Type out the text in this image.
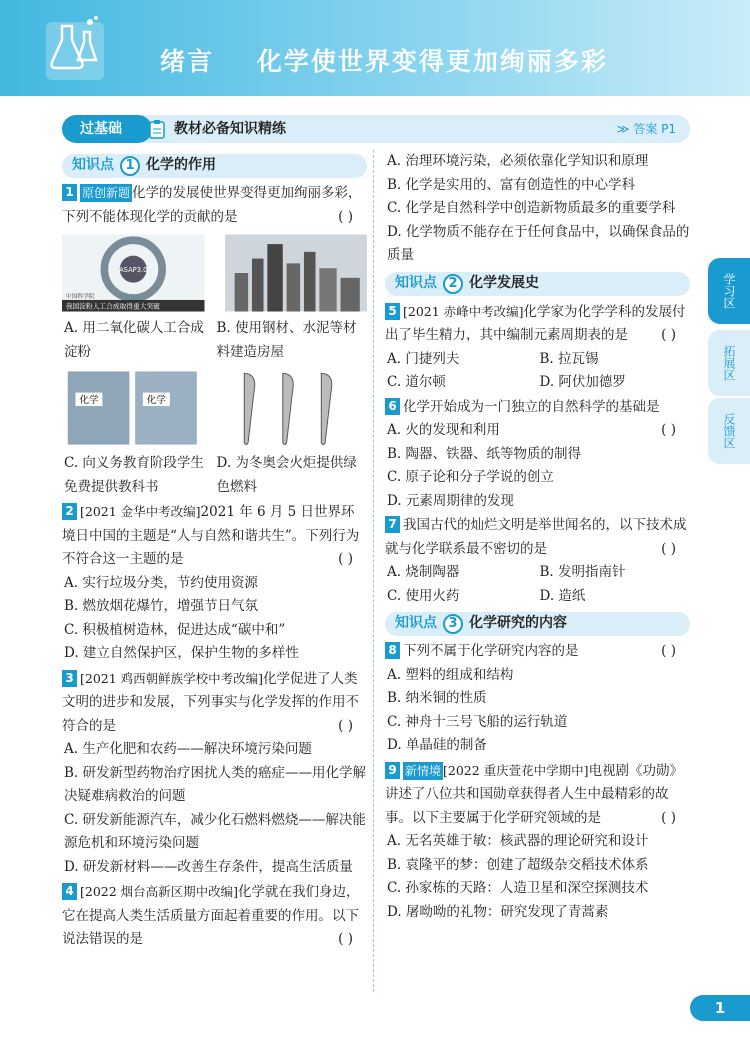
绪言    化学使世界变得更加绚丽多彩
过基础	教材必备知识精练	≫ 答案 P1
知识点 1 化学的作用
1 原创新题 化学的发展使世界变得更加绚丽多彩，下列不能体现化学的贡献的是	( )
ASAP3.0
我国淀粉人工合成取得重大突破
中国科学院
A. 用二氧化碳人工合成淀粉
B. 使用钢材、水泥等材料建造房屋
化学	化学
C. 向义务教育阶段学生免费提供教科书
D. 为冬奥会火炬提供绿色燃料
2 [2021 金华中考改编]2021 年 6 月 5 日世界环境日中国的主题是“人与自然和谐共生”。下列行为不符合这一主题的是	( )
A. 实行垃圾分类，节约使用资源
B. 燃放烟花爆竹，增强节日气氛
C. 积极植树造林，促进达成“碳中和”
D. 建立自然保护区，保护生物的多样性
3 [2021 鸡西朝鲜族学校中考改编]化学促进了人类文明的进步和发展，下列事实与化学发挥的作用不符合的是	( )
A. 生产化肥和农药——解决环境污染问题
B. 研发新型药物治疗困扰人类的癌症——用化学解决疑难病救治的问题
C. 研发新能源汽车，减少化石燃料燃烧——解决能源危机和环境污染问题
D. 研发新材料——改善生存条件，提高生活质量
4 [2022 烟台高新区期中改编]化学就在我们身边，它在提高人类生活质量方面起着重要的作用。以下说法错误的是	( )
A. 治理环境污染，必须依靠化学知识和原理
B. 化学是实用的、富有创造性的中心学科
C. 化学是自然科学中创造新物质最多的重要学科
D. 化学物质不能存在于任何食品中，以确保食品的质量
知识点 2 化学发展史
5 [2021 赤峰中考改编]化学家为化学学科的发展付出了毕生精力，其中编制元素周期表的是 ( )
A. 门捷列夫	B. 拉瓦锡
C. 道尔顿	D. 阿伏加德罗
6 化学开始成为一门独立的自然科学的基础是

( )
A. 火的发现和利用
B. 陶器、铁器、纸等物质的制得
C. 原子论和分子学说的创立
D. 元素周期律的发现
7 我国古代的灿烂文明是举世闻名的，以下技术成就与化学联系最不密切的是	( )
A. 烧制陶器	B. 发明指南针
C. 使用火药	D. 造纸
知识点 3 化学研究的内容
8 下列不属于化学研究内容的是	( )
A. 塑料的组成和结构
B. 纳米铜的性质
C. 神舟十三号飞船的运行轨道
D. 单晶硅的制备
9 新情境 [2022 重庆萱花中学期中]电视剧《功勋》讲述了八位共和国勋章获得者人生中最精彩的故事。以下主要属于化学研究领域的是	( )
A. 无名英雄于敏：核武器的理论研究和设计
B. 袁隆平的梦：创建了超级杂交稻技术体系
C. 孙家栋的天路：人造卫星和深空探测技术
D. 屠呦呦的礼物：研究发现了青蒿素
学习区
拓展区
反馈区
1
